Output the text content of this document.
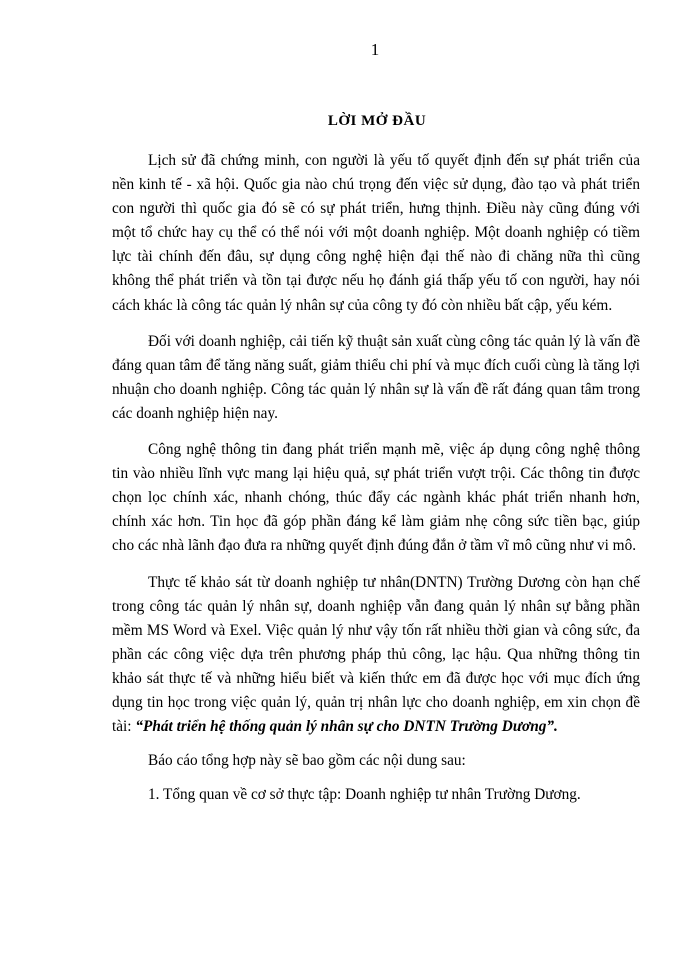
1
LỜI MỞ ĐẦU

Lịch sử đã chứng minh, con người là yếu tố quyết định đến sự phát triển của nền kinh tế - xã hội. Quốc gia nào chú trọng đến việc sử dụng, đào tạo và phát triển con người thì quốc gia đó sẽ có sự phát triển, hưng thịnh. Điều này cũng đúng với một tổ chức hay cụ thể có thể nói với một doanh nghiệp. Một doanh nghiệp có tiềm lực tài chính đến đâu, sự dụng công nghệ hiện đại thế nào đi chăng nữa thì cũng không thể phát triển và tồn tại được nếu họ đánh giá thấp yếu tố con người, hay nói cách khác là công tác quản lý nhân sự của công ty đó còn nhiều bất cập, yếu kém.

Đối với doanh nghiệp, cải tiến kỹ thuật sản xuất cùng công tác quản lý là vấn đề đáng quan tâm để tăng năng suất, giảm thiểu chi phí và mục đích cuối cùng là tăng lợi nhuận cho doanh nghiệp. Công tác quản lý nhân sự là vấn đề rất đáng quan tâm trong các doanh nghiệp hiện nay.

Công nghệ thông tin đang phát triển mạnh mẽ, việc áp dụng công nghệ thông tin vào nhiều lĩnh vực mang lại hiệu quả, sự phát triển vượt trội. Các thông tin được chọn lọc chính xác, nhanh chóng, thúc đẩy các ngành khác phát triển nhanh hơn, chính xác hơn. Tin học đã góp phần đáng kể làm giảm nhẹ công sức tiền bạc, giúp cho các nhà lãnh đạo đưa ra những quyết định đúng đắn ở tầm vĩ mô cũng như vi mô.

Thực tế khảo sát từ doanh nghiệp tư nhân(DNTN) Trường Dương còn hạn chế trong công tác quản lý nhân sự, doanh nghiệp vẫn đang quản lý nhân sự bằng phần mềm MS Word và Exel. Việc quản lý như vậy tốn rất nhiều thời gian và công sức, đa phần các công việc dựa trên phương pháp thủ công, lạc hậu. Qua những thông tin khảo sát thực tế và những hiểu biết và kiến thức em đã được học với mục đích ứng dụng tin học trong việc quản lý, quản trị nhân lực cho doanh nghiệp, em xin chọn đề tài: “Phát triển hệ thống quản lý nhân sự cho DNTN Trường Dương”.

Báo cáo tổng hợp này sẽ bao gồm các nội dung sau:

1. Tổng quan về cơ sở thực tập: Doanh nghiệp tư nhân Trường Dương.
